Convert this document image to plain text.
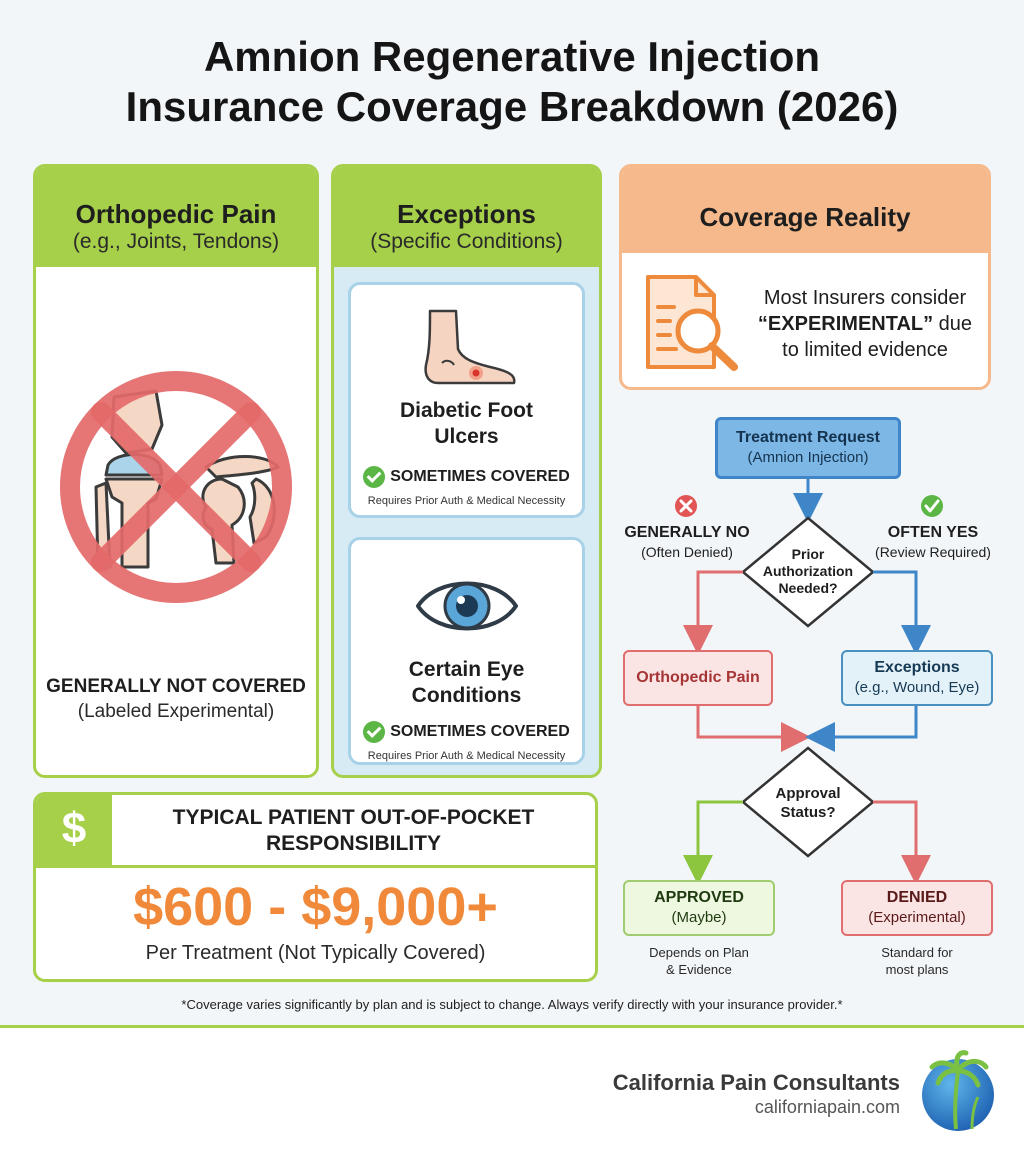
Amnion Regenerative Injection
Insurance Coverage Breakdown (2026)
Orthopedic Pain
(e.g., Joints, Tendons)
GENERALLY NOT COVERED
(Labeled Experimental)
Exceptions
(Specific Conditions)
Diabetic Foot
Ulcers
SOMETIMES COVERED
Requires Prior Auth & Medical Necessity
Certain Eye
Conditions
SOMETIMES COVERED
Requires Prior Auth & Medical Necessity
Coverage Reality
Most Insurers consider
“EXPERIMENTAL” due
to limited evidence
$	TYPICAL PATIENT OUT-OF-POCKET
RESPONSIBILITY
$600 - $9,000+
Per Treatment (Not Typically Covered)
Treatment Request
(Amnion Injection)
GENERALLY NO
(Often Denied)
OFTEN YES
(Review Required)
Prior
Authorization
Needed?
Orthopedic Pain
Exceptions
(e.g., Wound, Eye)
Approval
Status?
APPROVED
(Maybe)
DENIED
(Experimental)
Depends on Plan
& Evidence
Standard for
most plans
*Coverage varies significantly by plan and is subject to change. Always verify directly with your insurance provider.*
California Pain Consultants
californiapain.com
